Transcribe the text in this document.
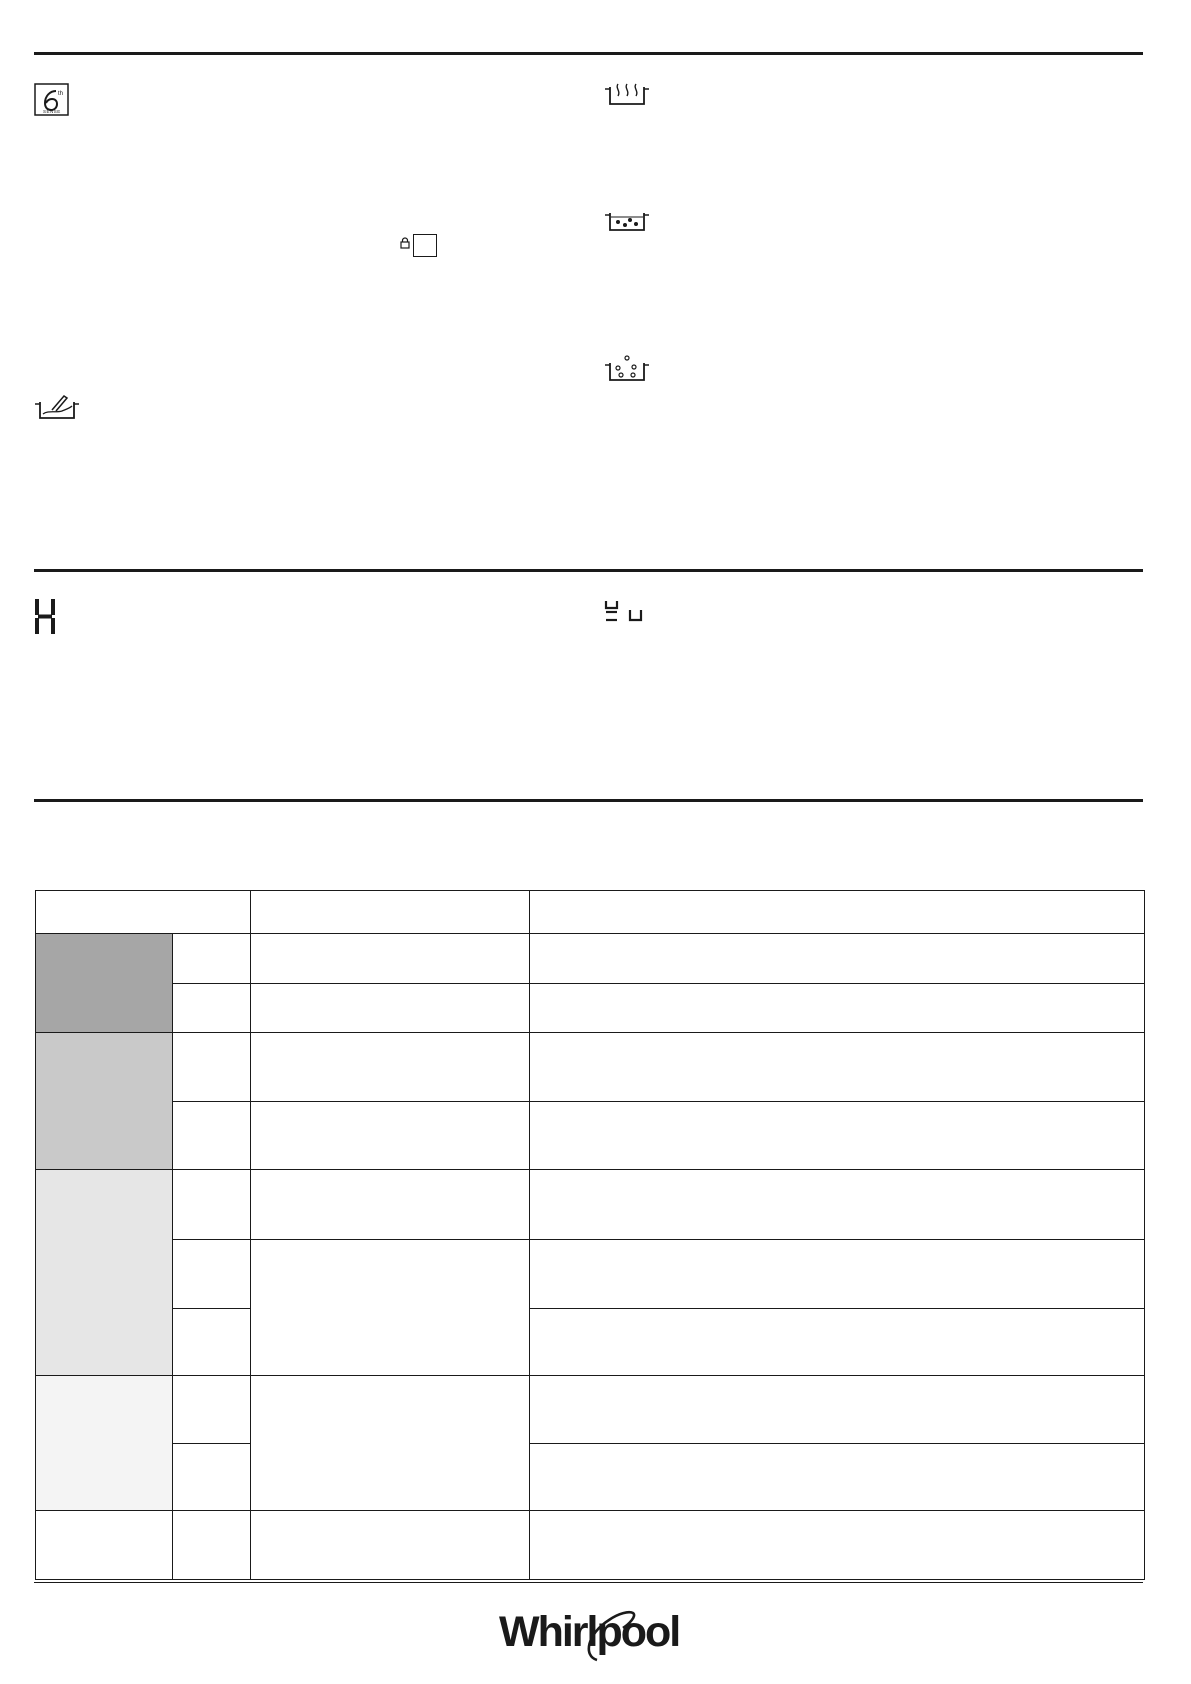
th
SENSE

Whirlpool
